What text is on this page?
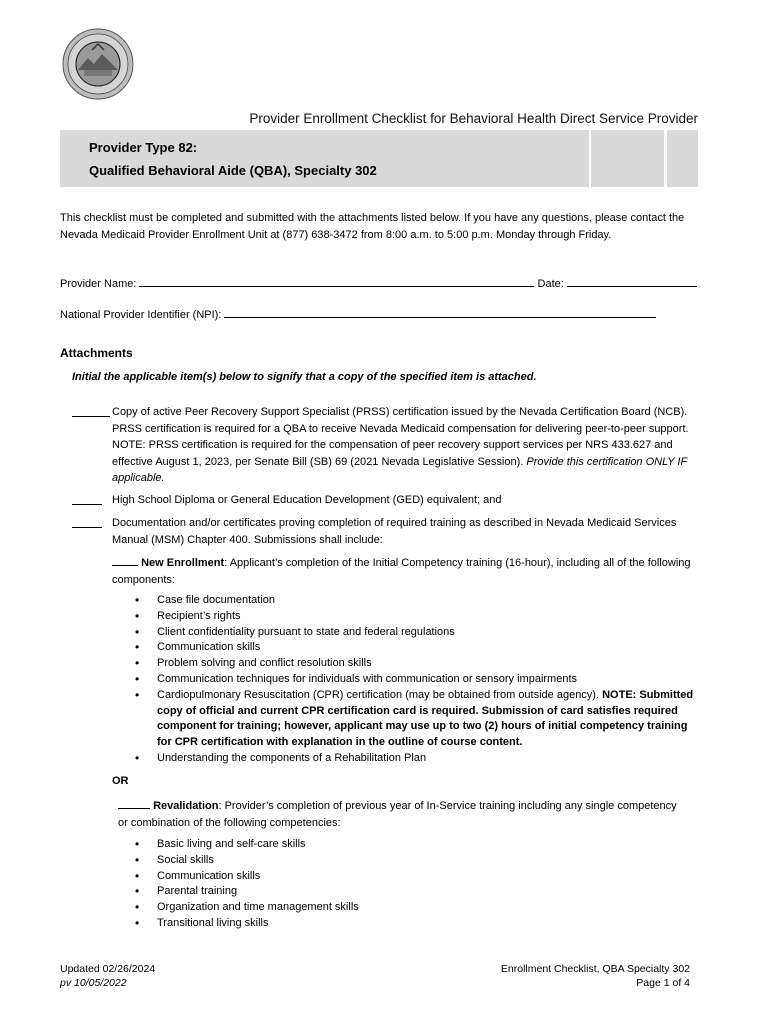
Provider Enrollment Checklist for Behavioral Health Direct Service Provider
Provider Type 82:
Qualified Behavioral Aide (QBA), Specialty 302
This checklist must be completed and submitted with the attachments listed below. If you have any questions, please contact the Nevada Medicaid Provider Enrollment Unit at (877) 638-3472 from 8:00 a.m. to 5:00 p.m. Monday through Friday.
Provider Name:	Date:
National Provider Identifier (NPI):
Attachments
Initial the applicable item(s) below to signify that a copy of the specified item is attached.
Copy of active Peer Recovery Support Specialist (PRSS) certification issued by the Nevada Certification Board (NCB). PRSS certification is required for a QBA to receive Nevada Medicaid compensation for delivering peer-to-peer support. NOTE: PRSS certification is required for the compensation of peer recovery support services per NRS 433.627 and effective August 1, 2023, per Senate Bill (SB) 69 (2021 Nevada Legislative Session). Provide this certification ONLY IF applicable.
High School Diploma or General Education Development (GED) equivalent; and
Documentation and/or certificates proving completion of required training as described in Nevada Medicaid Services Manual (MSM) Chapter 400. Submissions shall include:
New Enrollment: Applicant’s completion of the Initial Competency training (16-hour), including all of the following components:
• Case file documentation
• Recipient’s rights
• Client confidentiality pursuant to state and federal regulations
• Communication skills
• Problem solving and conflict resolution skills
• Communication techniques for individuals with communication or sensory impairments
• Cardiopulmonary Resuscitation (CPR) certification (may be obtained from outside agency). NOTE: Submitted copy of official and current CPR certification card is required. Submission of card satisfies required component for training; however, applicant may use up to two (2) hours of initial competency training for CPR certification with explanation in the outline of course content.
• Understanding the components of a Rehabilitation Plan
OR
Revalidation: Provider’s completion of previous year of In-Service training including any single competency or combination of the following competencies:
• Basic living and self-care skills
• Social skills
• Communication skills
• Parental training
• Organization and time management skills
• Transitional living skills
Updated 02/26/2024
pv 10/05/2022
Enrollment Checklist, QBA Specialty 302
Page 1 of 4
